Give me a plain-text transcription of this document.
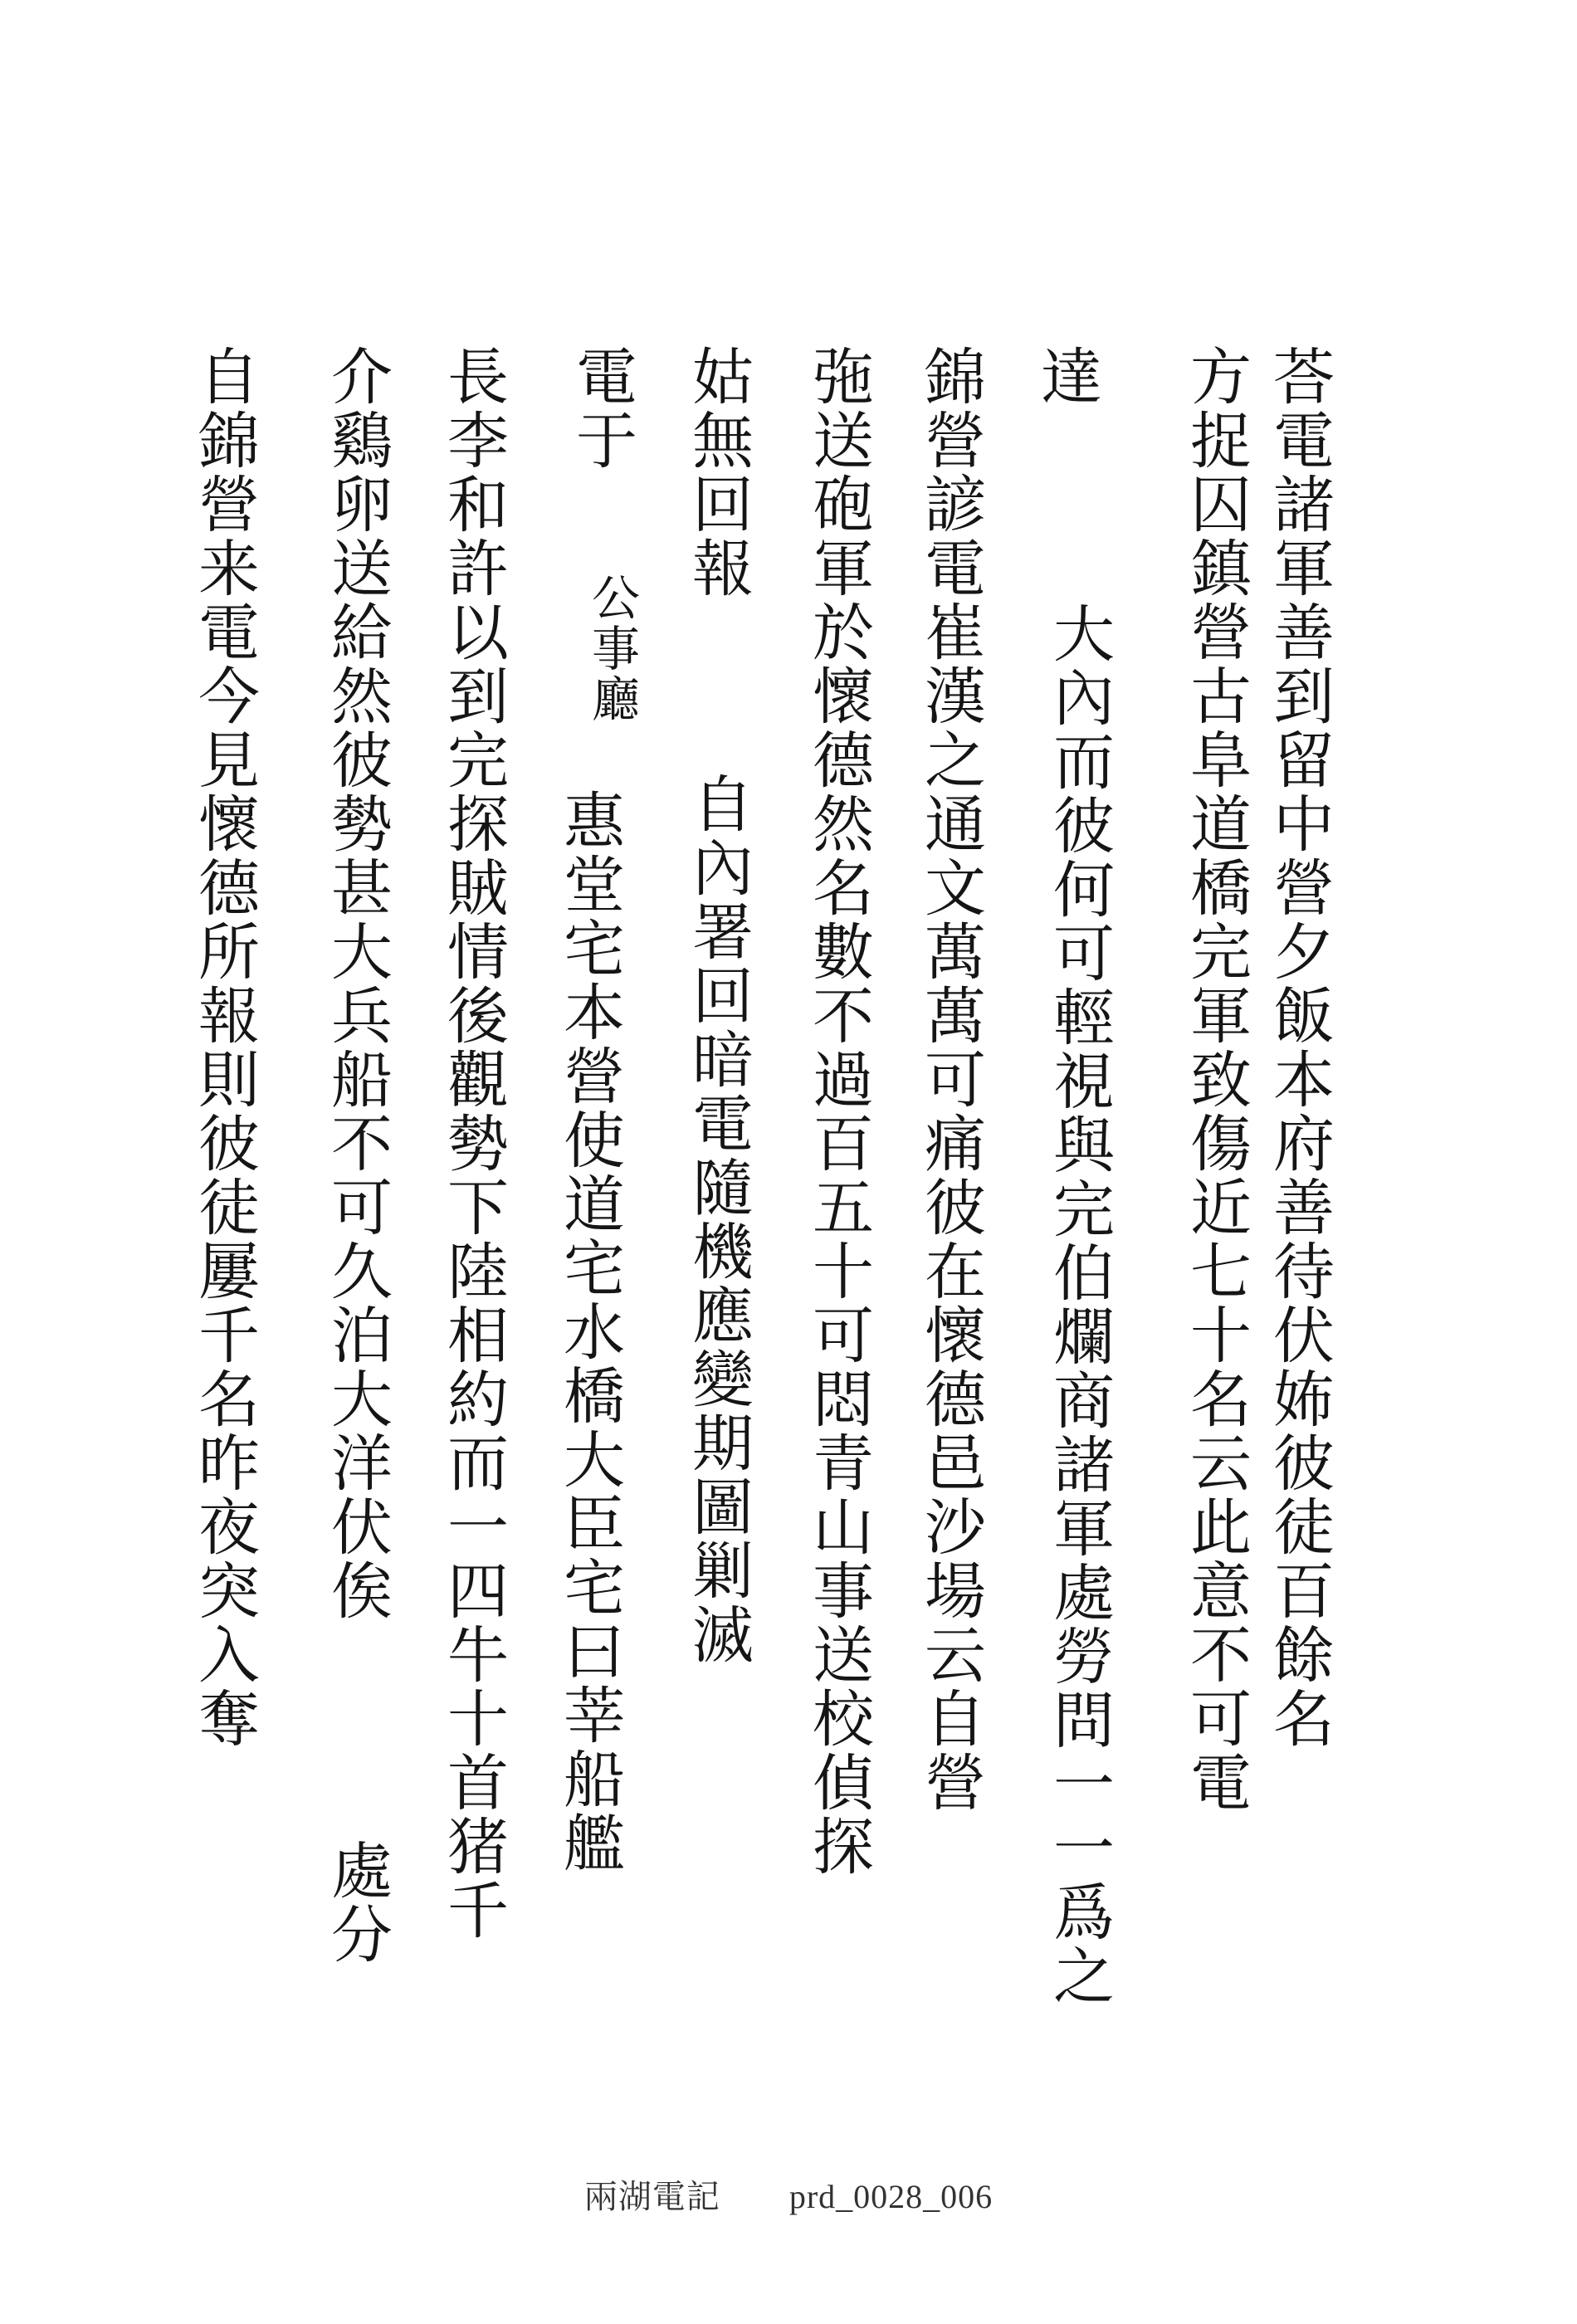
荅電諸軍善到留中營夕飯本府善待伏㚴彼徒百餘名
方捉囚鎮營古阜道橋完軍致傷近七十名云此意不可電
達
大內而彼何可輕視與完伯爛商諸軍處勞問一一爲之
錦營諺電崔漢之通文萬萬可痛彼在懷德邑沙場云自營
㢮送砲軍於懷德然名數不過百五十可悶青山事送校偵探
姑無回報
自內署回暗電隨機應變期圖剿滅
電于
公事廳
惠堂宅本營使道宅水橋大臣宅曰莘船艦
長李和許以到完探賊情後觀勢下陸相約而一四牛十首猪千
介鷄卵送給然彼勢甚大兵船不可久泊大洋伏俟
處分
自錦營来電今見懷德所報則彼徒屢千名昨夜突入奪
兩湖電記 prd_0028_006
